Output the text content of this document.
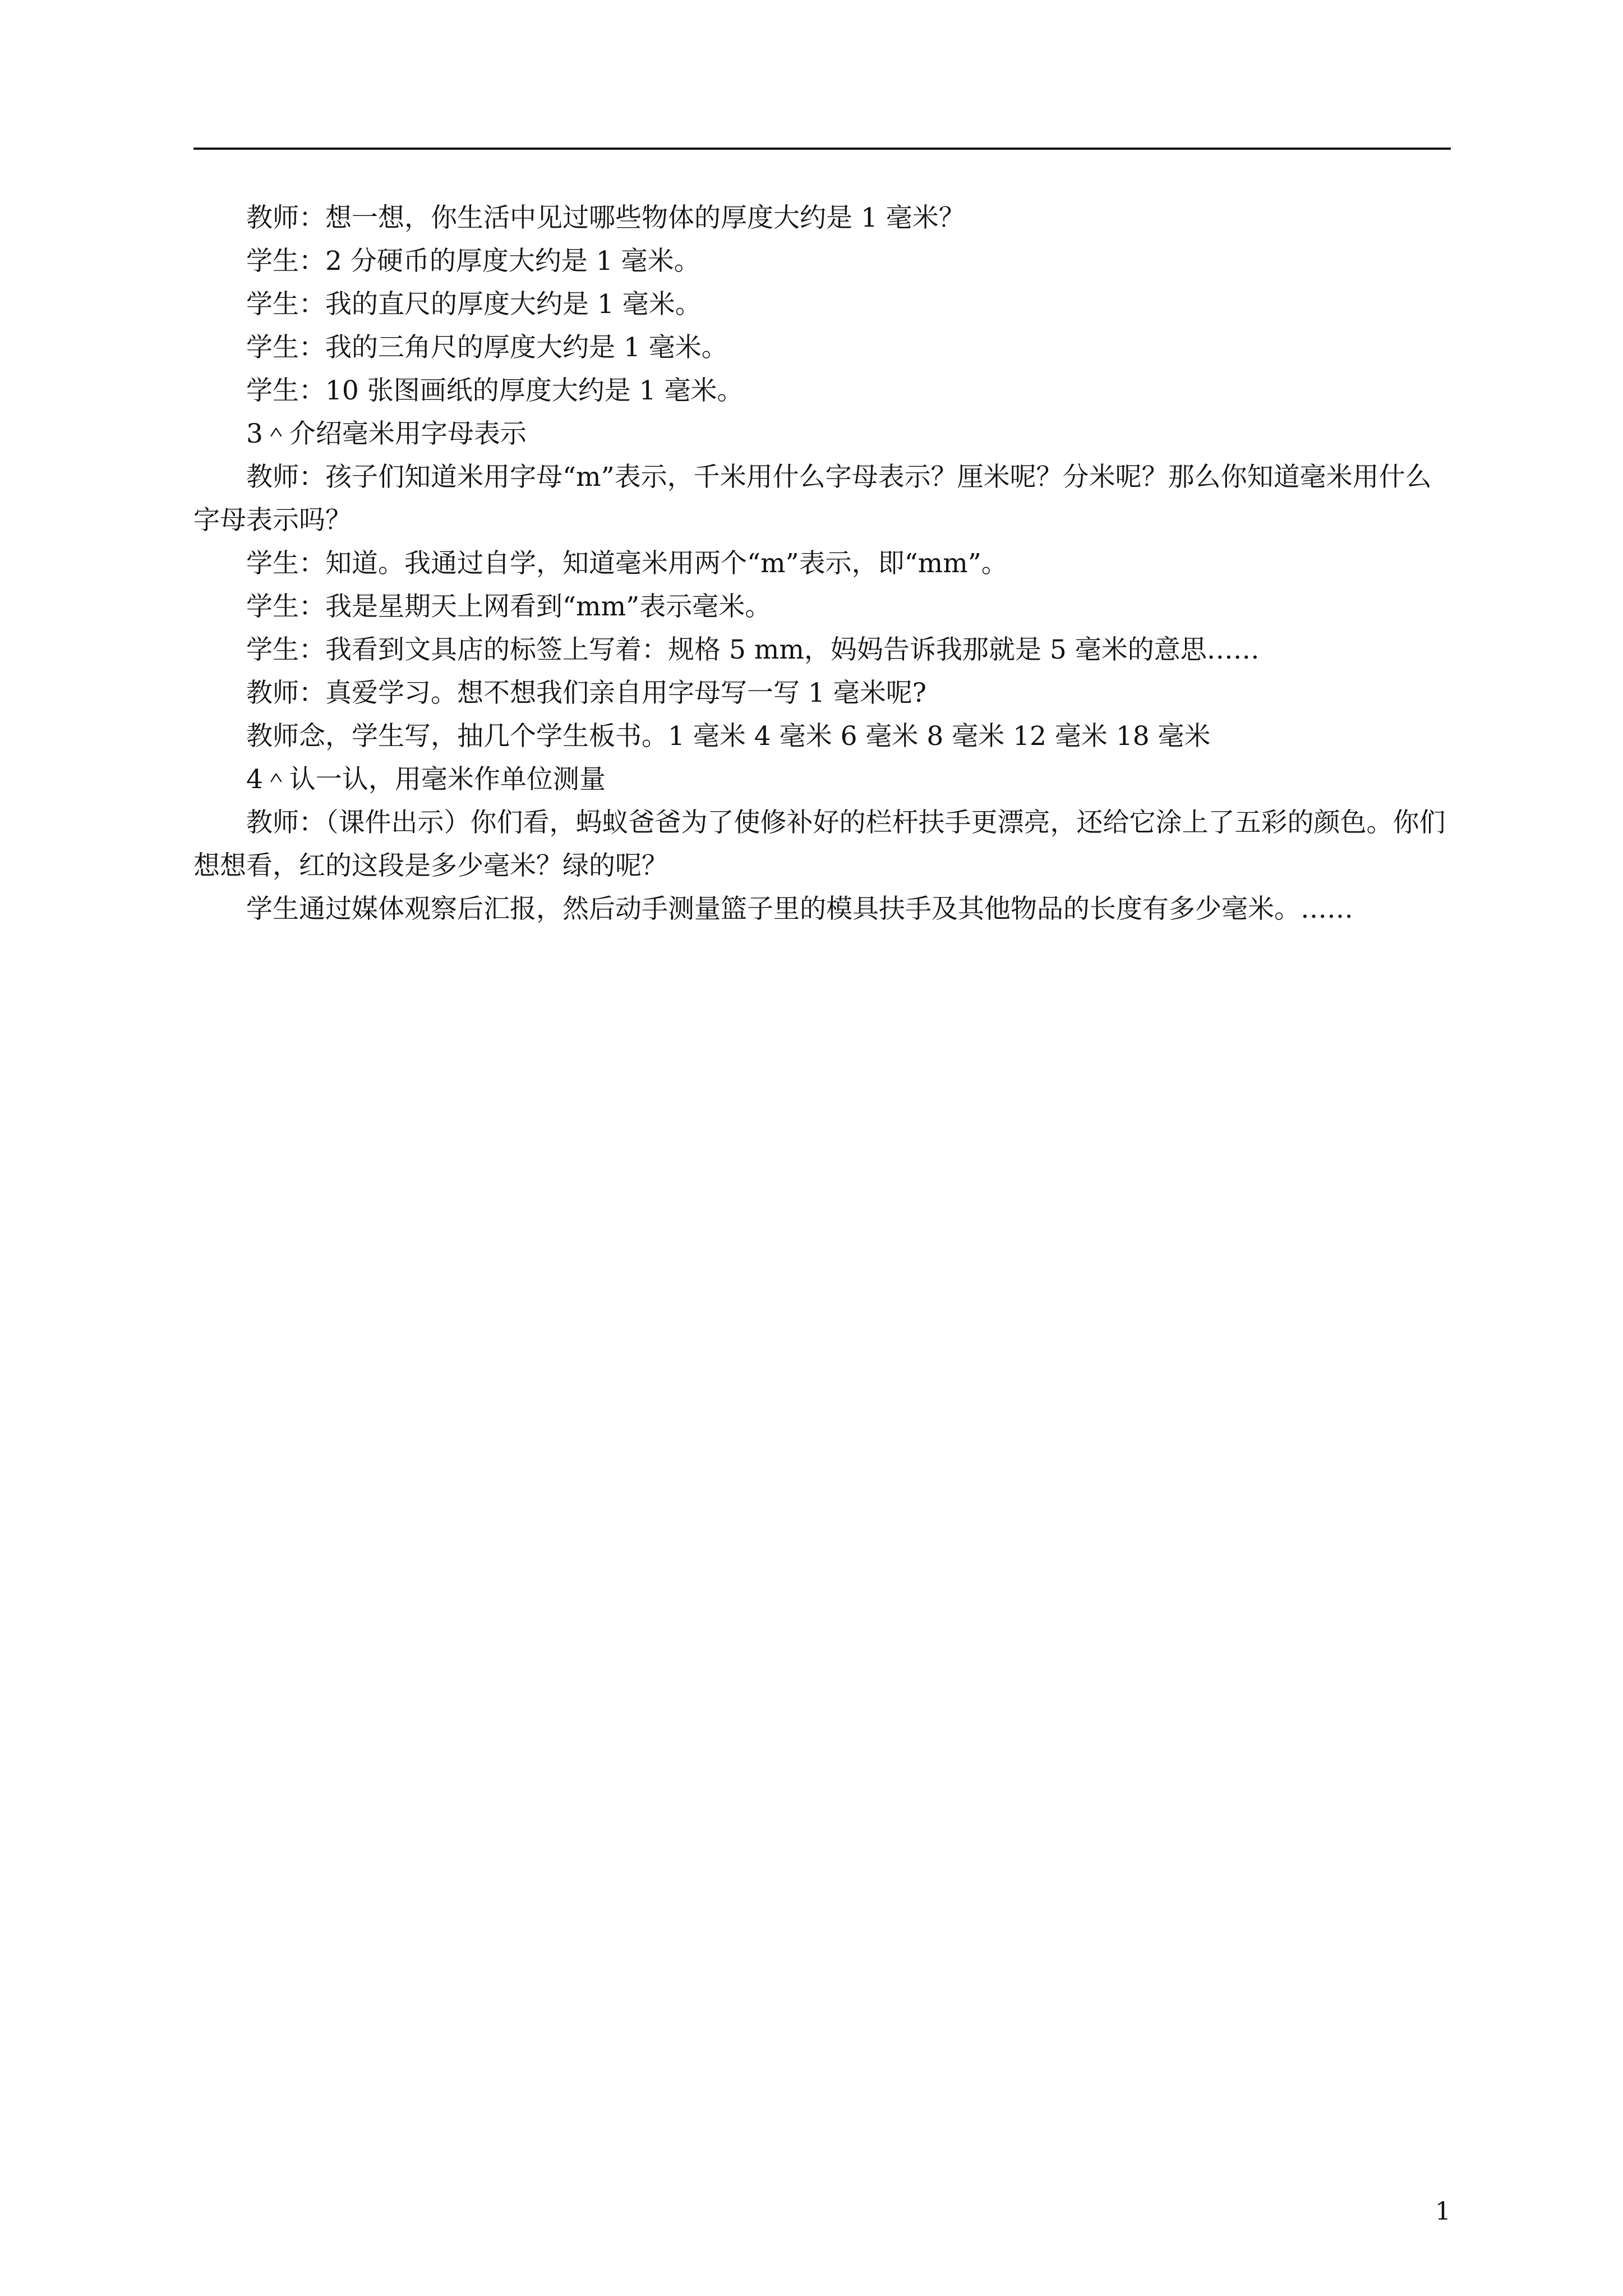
教师：想一想，你生活中见过哪些物体的厚度大约是 1 毫米？

学生：2 分硬币的厚度大约是 1 毫米。

学生：我的直尺的厚度大约是 1 毫米。

学生：我的三角尺的厚度大约是 1 毫米。

学生：10 张图画纸的厚度大约是 1 毫米。

3＾介绍毫米用字母表示

教师：孩子们知道米用字母“m”表示，千米用什么字母表示？厘米呢？分米呢？那么你知道毫米用什么字母表示吗？

学生：知道。我通过自学，知道毫米用两个“m”表示，即“mm”。

学生：我是星期天上网看到“mm”表示毫米。

学生：我看到文具店的标签上写着：规格 5 mm，妈妈告诉我那就是 5 毫米的意思……

教师：真爱学习。想不想我们亲自用字母写一写 1 毫米呢?

教师念，学生写，抽几个学生板书。1 毫米 4 毫米 6 毫米 8 毫米 12 毫米 18 毫米

4＾认一认，用毫米作单位测量

教师：（课件出示）你们看，蚂蚁爸爸为了使修补好的栏杆扶手更漂亮，还给它涂上了五彩的颜色。你们想想看，红的这段是多少毫米？绿的呢？

学生通过媒体观察后汇报，然后动手测量篮子里的模具扶手及其他物品的长度有多少毫米。……

1
